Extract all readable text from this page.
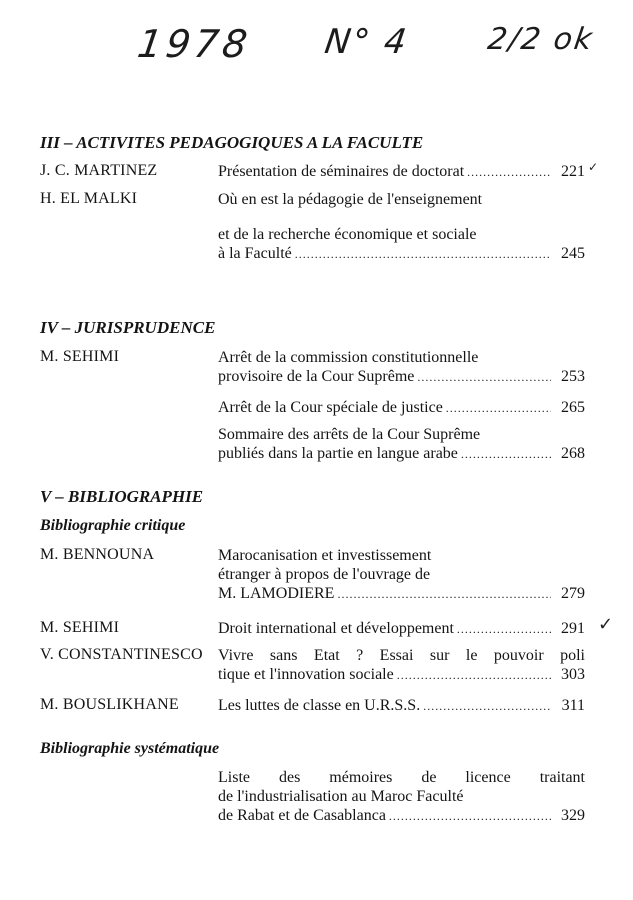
1978 N° 4 2/2 ok
III – ACTIVITES PEDAGOGIQUES A LA FACULTE
J. C. MARTINEZ	Présentation de séminaires de doctorat .....	221 ✓
H. EL MALKI	Où en est la pédagogie de l'enseignement
et de la recherche économique et sociale
à la Faculté .....	245
IV – JURISPRUDENCE
M. SEHIMI	Arrêt de la commission constitutionnelle
provisoire de la Cour Suprême .....	253
Arrêt de la Cour spéciale de justice .....	265
Sommaire des arrêts de la Cour Suprême
publiés dans la partie en langue arabe .....	268
V – BIBLIOGRAPHIE
Bibliographie critique
M. BENNOUNA	Marocanisation et investissement
étranger à propos de l'ouvrage de
M. LAMODIERE .....	279
M. SEHIMI	Droit international et développement .....	291 ✓
V. CONSTANTINESCO Vivre sans Etat ? Essai sur le pouvoir poli
tique et l'innovation sociale .....	303
M. BOUSLIKHANE Les luttes de classe en U.R.S.S. .....	311
Bibliographie systématique
Liste des mémoires de licence traitant
de l'industrialisation au Maroc Faculté
de Rabat et de Casablanca .....	329
